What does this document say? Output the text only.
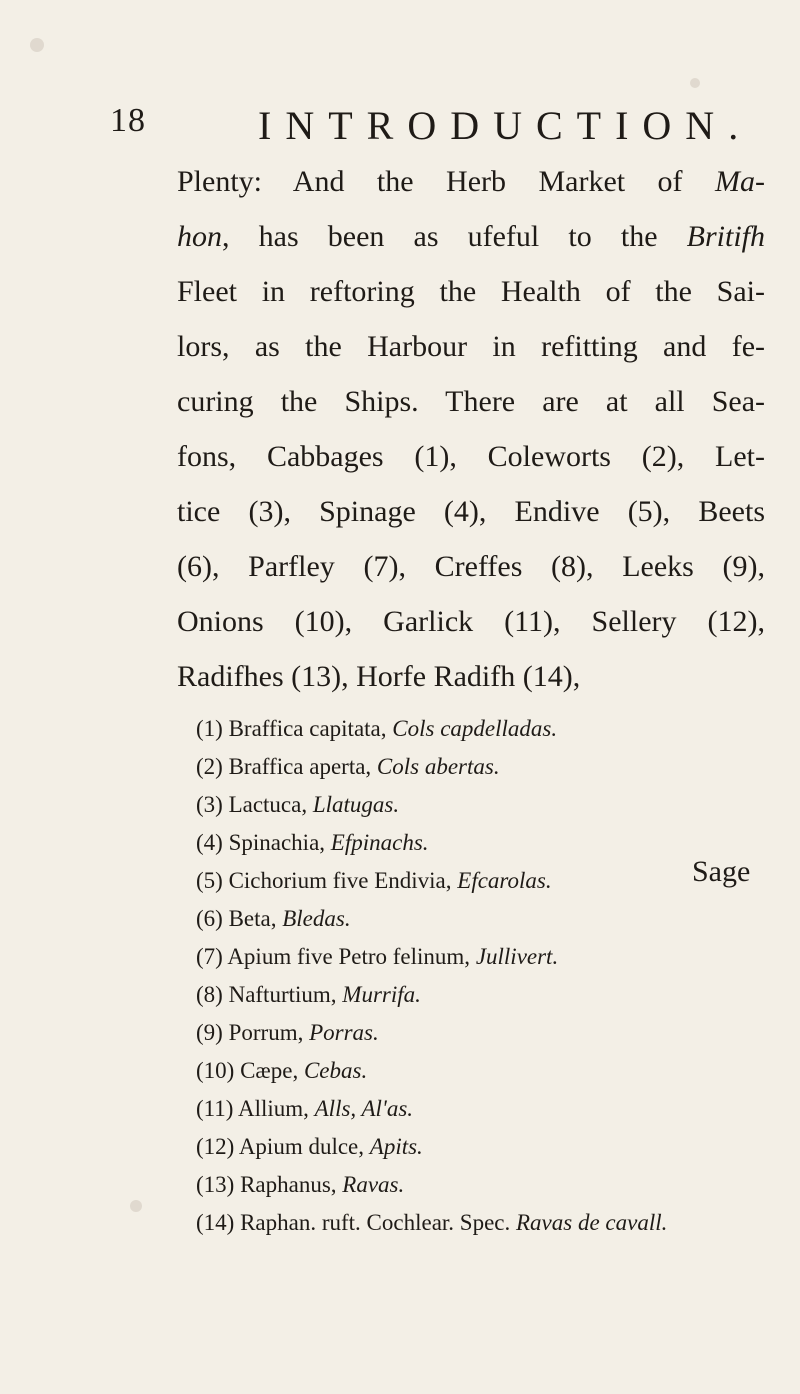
18	INTRODUCTION.
Plenty: And the Herb Market of Ma-
hon, has been as ufeful to the Britifh
Fleet in reftoring the Health of the Sai-
lors, as the Harbour in refitting and fe-
curing the Ships. There are at all Sea-
fons, Cabbages (1), Coleworts (2), Let-
tice (3), Spinage (4), Endive (5), Beets
(6), Parfley (7), Creffes (8), Leeks (9),
Onions (10), Garlick (11), Sellery (12),
Radifhes (13), Horfe Radifh (14),
(1) Braffica capitata, Cols capdelladas.
(2) Braffica aperta, Cols abertas.
(3) Lactuca, Llatugas.
(4) Spinachia, Efpinachs.
(5) Cichorium five Endivia, Efcarolas.
(6) Beta, Bledas.
(7) Apium five Petro felinum, Jullivert.
(8) Nafturtium, Murrifa.
(9) Porrum, Porras.
(10) Cæpe, Cebas.
(11) Allium, Alls, Al'as.
(12) Apium dulce, Apits.
(13) Raphanus, Ravas.
(14) Raphan. ruft. Cochlear. Spec. Ravas de cavall.
Sage
